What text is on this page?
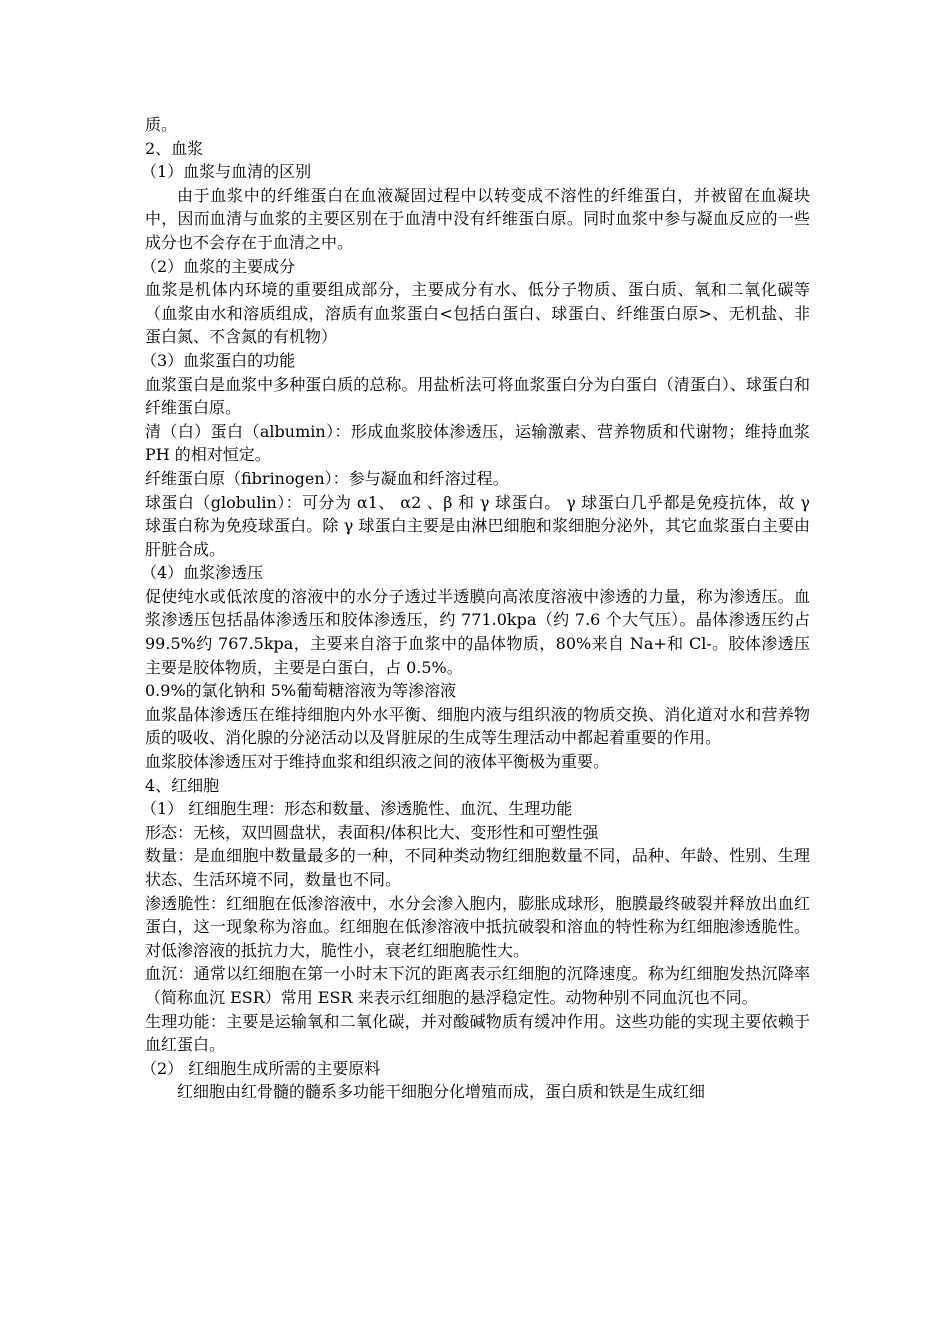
质。

2、血浆

（1）血浆与血清的区别

由于血浆中的纤维蛋白在血液凝固过程中以转变成不溶性的纤维蛋白，并被留在血凝块中，因而血清与血浆的主要区别在于血清中没有纤维蛋白原。同时血浆中参与凝血反应的一些成分也不会存在于血清之中。

（2）血浆的主要成分

血浆是机体内环境的重要组成部分，主要成分有水、低分子物质、蛋白质、氧和二氧化碳等（血浆由水和溶质组成，溶质有血浆蛋白<包括白蛋白、球蛋白、纤维蛋白原>、无机盐、非蛋白氮、不含氮的有机物）

（3）血浆蛋白的功能

血浆蛋白是血浆中多种蛋白质的总称。用盐析法可将血浆蛋白分为白蛋白（清蛋白）、球蛋白和纤维蛋白原。

清（白）蛋白（albumin）：形成血浆胶体渗透压，运输激素、营养物质和代谢物；维持血浆 PH 的相对恒定。

纤维蛋白原（fibrinogen）：参与凝血和纤溶过程。

球蛋白（globulin）：可分为 α1、 α2 、β 和 γ 球蛋白。 γ 球蛋白几乎都是免疫抗体，故 γ 球蛋白称为免疫球蛋白。除 γ 球蛋白主要是由淋巴细胞和浆细胞分泌外，其它血浆蛋白主要由肝脏合成。

（4）血浆渗透压

促使纯水或低浓度的溶液中的水分子透过半透膜向高浓度溶液中渗透的力量，称为渗透压。血浆渗透压包括晶体渗透压和胶体渗透压，约 771.0kpa（约 7.6 个大气压）。晶体渗透压约占 99.5%约 767.5kpa，主要来自溶于血浆中的晶体物质，80%来自 Na+和 Cl-。胶体渗透压主要是胶体物质，主要是白蛋白，占 0.5%。

0.9%的氯化钠和 5%葡萄糖溶液为等渗溶液

血浆晶体渗透压在维持细胞内外水平衡、细胞内液与组织液的物质交换、消化道对水和营养物质的吸收、消化腺的分泌活动以及肾脏尿的生成等生理活动中都起着重要的作用。

血浆胶体渗透压对于维持血浆和组织液之间的液体平衡极为重要。

4、红细胞

（1） 红细胞生理：形态和数量、渗透脆性、血沉、生理功能

形态：无核，双凹圆盘状，表面积/体积比大、变形性和可塑性强

数量：是血细胞中数量最多的一种，不同种类动物红细胞数量不同，品种、年龄、性别、生理状态、生活环境不同，数量也不同。

渗透脆性：红细胞在低渗溶液中，水分会渗入胞内，膨胀成球形，胞膜最终破裂并释放出血红蛋白，这一现象称为溶血。红细胞在低渗溶液中抵抗破裂和溶血的特性称为红细胞渗透脆性。对低渗溶液的抵抗力大，脆性小，衰老红细胞脆性大。

血沉：通常以红细胞在第一小时末下沉的距离表示红细胞的沉降速度。称为红细胞发热沉降率（简称血沉 ESR）常用 ESR 来表示红细胞的悬浮稳定性。动物种别不同血沉也不同。

生理功能：主要是运输氧和二氧化碳，并对酸碱物质有缓冲作用。这些功能的实现主要依赖于血红蛋白。

（2） 红细胞生成所需的主要原料

红细胞由红骨髓的髓系多功能干细胞分化增殖而成，蛋白质和铁是生成红细
